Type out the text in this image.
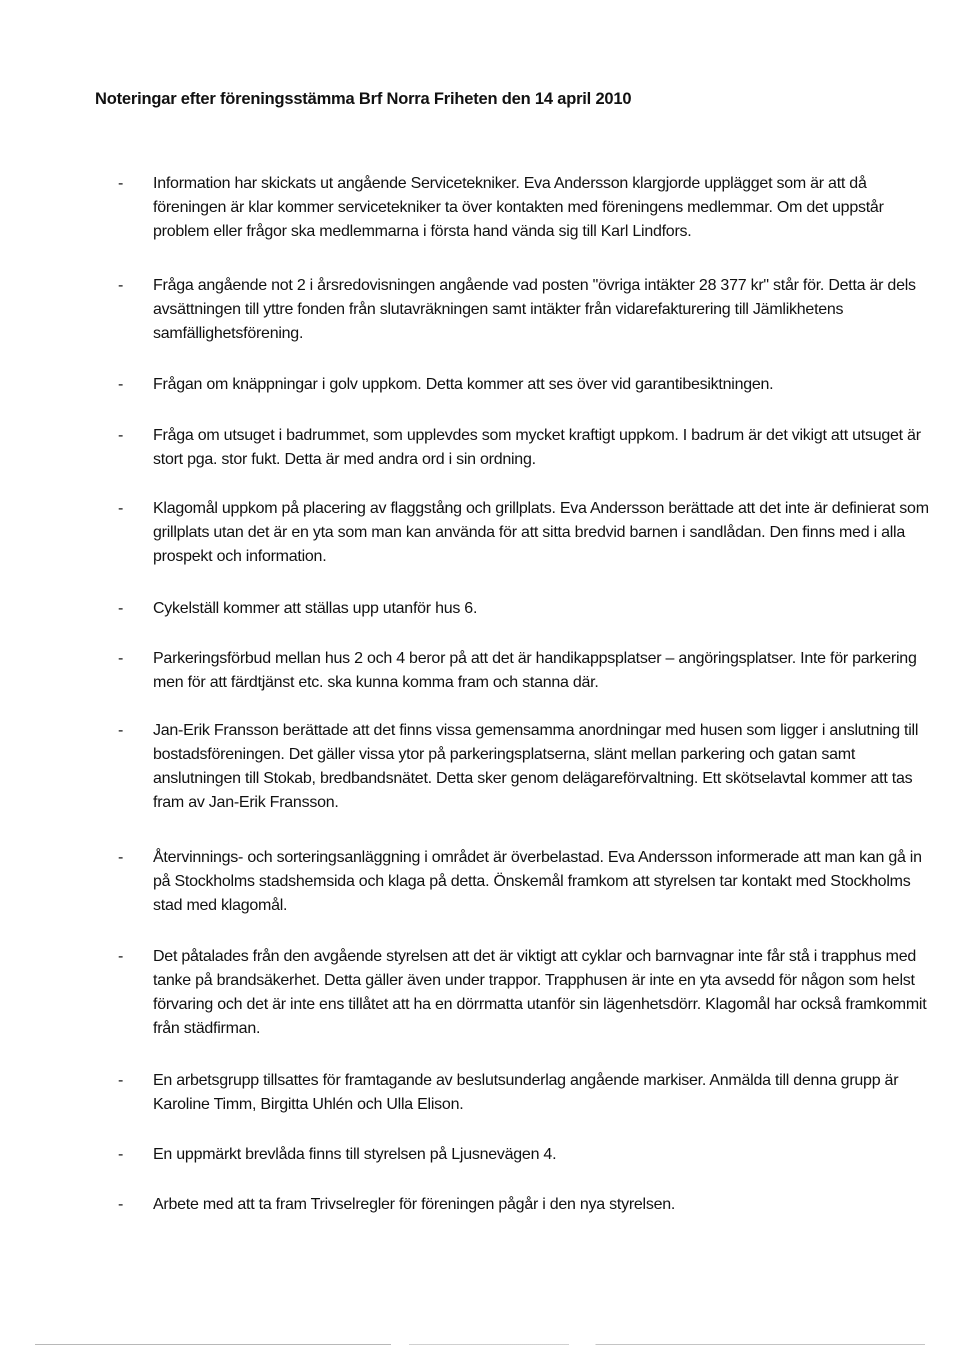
Noteringar efter föreningsstämma Brf Norra Friheten den 14 april 2010
-	Information har skickats ut angående Servicetekniker. Eva Andersson klargjorde upplägget som är att då föreningen är klar kommer servicetekniker ta över kontakten med föreningens medlemmar. Om det uppstår problem eller frågor ska medlemmarna i första hand vända sig till Karl Lindfors.
-	Fråga angående not 2 i årsredovisningen angående vad posten "övriga intäkter 28 377 kr" står för. Detta är dels avsättningen till yttre fonden från slutavräkningen samt intäkter från vidarefakturering till Jämlikhetens samfällighetsförening.
-	Frågan om knäppningar i golv uppkom. Detta kommer att ses över vid garantibesiktningen.
-	Fråga om utsuget i badrummet, som upplevdes som mycket kraftigt uppkom. I badrum är det vikigt att utsuget är stort pga. stor fukt. Detta är med andra ord i sin ordning.
-	Klagomål uppkom på placering av flaggstång och grillplats. Eva Andersson berättade att det inte är definierat som grillplats utan det är en yta som man kan använda för att sitta bredvid barnen i sandlådan. Den finns med i alla prospekt och information.
-	Cykelställ kommer att ställas upp utanför hus 6.
-	Parkeringsförbud mellan hus 2 och 4 beror på att det är handikappsplatser – angöringsplatser. Inte för parkering men för att färdtjänst etc. ska kunna komma fram och stanna där.
-	Jan-Erik Fransson berättade att det finns vissa gemensamma anordningar med husen som ligger i anslutning till bostadsföreningen. Det gäller vissa ytor på parkeringsplatserna, slänt mellan parkering och gatan samt anslutningen till Stokab, bredbandsnätet. Detta sker genom delägareförvaltning. Ett skötselavtal kommer att tas fram av Jan-Erik Fransson.
-	Återvinnings- och sorteringsanläggning i området är överbelastad. Eva Andersson informerade att man kan gå in på Stockholms stadshemsida och klaga på detta. Önskemål framkom att styrelsen tar kontakt med Stockholms stad med klagomål.
-	Det påtalades från den avgående styrelsen att det är viktigt att cyklar och barnvagnar inte får stå i trapphus med tanke på brandsäkerhet. Detta gäller även under trappor. Trapphusen är inte en yta avsedd för någon som helst förvaring och det är inte ens tillåtet att ha en dörrmatta utanför sin lägenhetsdörr. Klagomål har också framkommit från städfirman.
-	En arbetsgrupp tillsattes för framtagande av beslutsunderlag angående markiser. Anmälda till denna grupp är Karoline Timm, Birgitta Uhlén och Ulla Elison.
-	En uppmärkt brevlåda finns till styrelsen på Ljusnevägen 4.
-	Arbete med att ta fram Trivselregler för föreningen pågår i den nya styrelsen.
